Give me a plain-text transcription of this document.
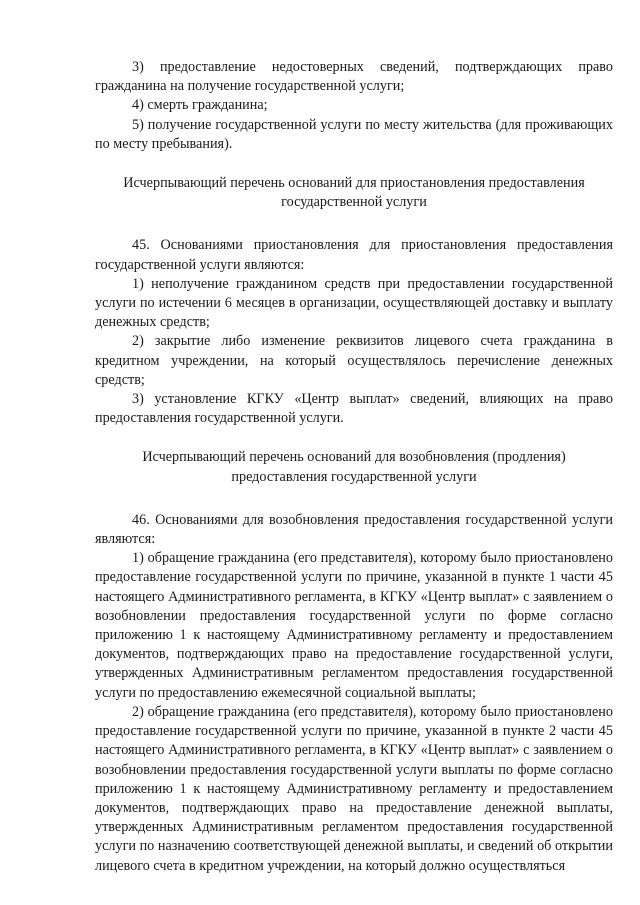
3) предоставление недостоверных сведений, подтверждающих право гражданина на получение государственной услуги;

4) смерть гражданина;

5) получение государственной услуги по месту жительства (для проживающих по месту пребывания).

Исчерпывающий перечень оснований для приостановления предоставления государственной услуги

45. Основаниями приостановления для приостановления предоставления государственной услуги являются:

1) неполучение гражданином средств при предоставлении государственной услуги по истечении 6 месяцев в организации, осуществляющей доставку и выплату денежных средств;

2) закрытие либо изменение реквизитов лицевого счета гражданина в кредитном учреждении, на который осуществлялось перечисление денежных средств;

3) установление КГКУ «Центр выплат» сведений, влияющих на право предоставления государственной услуги.

Исчерпывающий перечень оснований для возобновления (продления) предоставления государственной услуги

46. Основаниями для возобновления предоставления государственной услуги являются:

1) обращение гражданина (его представителя), которому было приостановлено предоставление государственной услуги по причине, указанной в пункте 1 части 45 настоящего Административного регламента, в КГКУ «Центр выплат» с заявлением о возобновлении предоставления государственной услуги по форме согласно приложению 1 к настоящему Административному регламенту и предоставлением документов, подтверждающих право на предоставление государственной услуги, утвержденных Административным регламентом предоставления государственной услуги по предоставлению ежемесячной социальной выплаты;

2) обращение гражданина (его представителя), которому было приостановлено предоставление государственной услуги по причине, указанной в пункте 2 части 45 настоящего Административного регламента, в КГКУ «Центр выплат» с заявлением о возобновлении предоставления государственной услуги выплаты по форме согласно приложению 1 к настоящему Административному регламенту и предоставлением документов, подтверждающих право на предоставление денежной выплаты, утвержденных Административным регламентом предоставления государственной услуги по назначению соответствующей денежной выплаты, и сведений об открытии лицевого счета в кредитном учреждении, на который должно осуществляться
